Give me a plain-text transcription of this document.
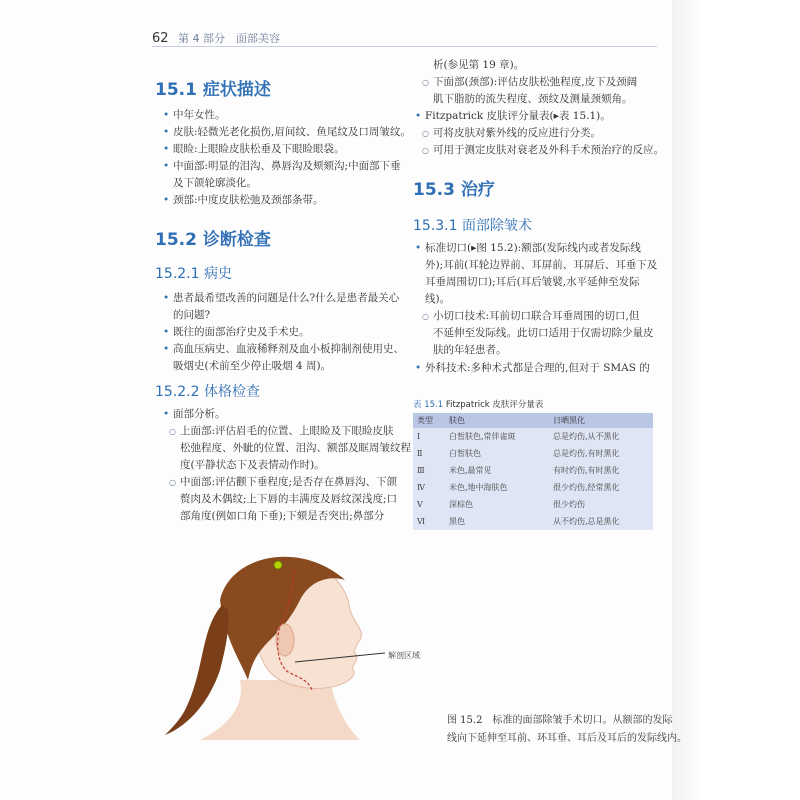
62 第 4 部分　面部美容
15.1 症状描述
• 中年女性。
• 皮肤:轻微光老化损伤,眉间纹、鱼尾纹及口周皱纹。
• 眼睑:上眼睑皮肤松垂及下眼睑眼袋。
• 中面部:明显的泪沟、鼻唇沟及颊颏沟;中面部下垂
及下颌轮廓淡化。
• 颈部:中度皮肤松弛及颈部条带。
15.2 诊断检查
15.2.1 病史
• 患者最希望改善的问题是什么?什么是患者最关心
的问题?
• 既往的面部治疗史及手术史。
• 高血压病史、血液稀释剂及血小板抑制剂使用史、
吸烟史(术前至少停止吸烟 4 周)。
15.2.2 体格检查
• 面部分析。
○ 上面部:评估眉毛的位置、上眼睑及下眼睑皮肤
松弛程度、外眦的位置、泪沟、额部及眶周皱纹程
度(平静状态下及表情动作时)。
○ 中面部:评估颧下垂程度;是否存在鼻唇沟、下颌
赘肉及木偶纹;上下唇的丰满度及唇纹深浅度;口
部角度(例如口角下垂);下颏是否突出;鼻部分
析(参见第 19 章)。
○ 下面部(颈部):评估皮肤松弛程度,皮下及颈阔
肌下脂肪的流失程度、颈纹及测量颈颏角。
• Fitzpatrick 皮肤评分量表(▸表 15.1)。
○ 可将皮肤对紫外线的反应进行分类。
○ 可用于测定皮肤对衰老及外科手术预治疗的反应。
15.3 治疗
15.3.1 面部除皱术
• 标准切口(▸图 15.2):额部(发际线内或者发际线
外);耳前(耳轮边界前、耳屏前、耳屏后、耳垂下及
耳垂周围切口);耳后(耳后皱襞,水平延伸至发际
线)。
○ 小切口技术:耳前切口联合耳垂周围的切口,但
不延伸至发际线。此切口适用于仅需切除少量皮
肤的年轻患者。
• 外科技术:多种术式都是合理的,但对于 SMAS 的
表 15.1 Fitzpatrick 皮肤评分量表
类型	肤色	日晒黑化
Ⅰ	白皙肤色,常伴雀斑	总是灼伤,从不黑化
Ⅱ	白皙肤色	总是灼伤,有时黑化
Ⅲ	米色,最常见	有时灼伤,有时黑化
Ⅳ	米色,地中海肤色	很少灼伤,经常黑化
Ⅴ	深棕色	很少灼伤
Ⅵ	黑色	从不灼伤,总是黑化
解剖区域
图 15.2　标准的面部除皱手术切口。从额部的发际
线向下延伸至耳前、环耳垂、耳后及耳后的发际线内。
